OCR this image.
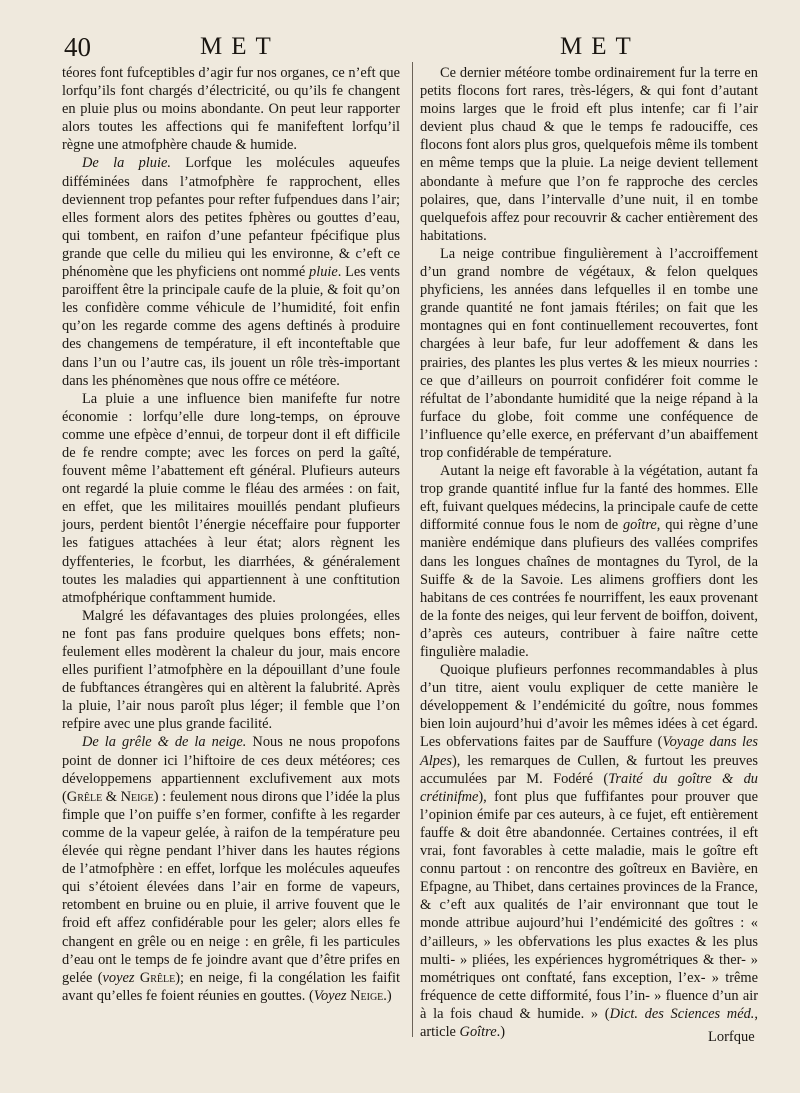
40	MET	MET

téores font fufceptibles d’agir fur nos organes, ce n’eft que lorfqu’ils font chargés d’électricité, ou qu’ils fe changent en pluie plus ou moins abondante. On peut leur rapporter alors toutes les affections qui fe manifeftent lorfqu’il règne une atmofphère chaude & humide.

De la pluie. Lorfque les molécules aqueufes difféminées dans l’atmofphère fe rapprochent, elles deviennent trop pefantes pour refter fufpendues dans l’air; elles forment alors des petites fphères ou gouttes d’eau, qui tombent, en raifon d’une pefanteur fpécifique plus grande que celle du milieu qui les environne, & c’eft ce phénomène que les phyficiens ont nommé pluie. Les vents paroiffent être la principale caufe de la pluie, & foit qu’on les confidère comme véhicule de l’humidité, foit enfin qu’on les regarde comme des agens deftinés à produire des changemens de température, il eft inconteftable que dans l’un ou l’autre cas, ils jouent un rôle très-important dans les phénomènes que nous offre ce météore.

La pluie a une influence bien manifefte fur notre économie : lorfqu’elle dure long-temps, on éprouve comme une efpèce d’ennui, de torpeur dont il eft difficile de fe rendre compte; avec les forces on perd la gaîté, fouvent même l’abattement eft général. Plufieurs auteurs ont regardé la pluie comme le fléau des armées : on fait, en effet, que les militaires mouillés pendant plufieurs jours, perdent bientôt l’énergie néceffaire pour fupporter les fatigues attachées à leur état; alors règnent les dyffenteries, le fcorbut, les diarrhées, & généralement toutes les maladies qui appartiennent à une conftitution atmofphérique conftamment humide.

Malgré les défavantages des pluies prolongées, elles ne font pas fans produire quelques bons effets; non-feulement elles modèrent la chaleur du jour, mais encore elles purifient l’atmofphère en la dépouillant d’une foule de fubftances étrangères qui en altèrent la falubrité. Après la pluie, l’air nous paroît plus léger; il femble que l’on refpire avec une plus grande facilité.

De la grêle & de la neige. Nous ne nous propofons point de donner ici l’hiftoire de ces deux météores; ces développemens appartiennent exclufivement aux mots (Grêle & Neige) : feulement nous dirons que l’idée la plus fimple que l’on puiffe s’en former, confifte à les regarder comme de la vapeur gelée, à raifon de la température peu élevée qui règne pendant l’hiver dans les hautes régions de l’atmofphère : en effet, lorfque les molécules aqueufes qui s’étoient élevées dans l’air en forme de vapeurs, retombent en bruine ou en pluie, il arrive fouvent que le froid eft affez confidérable pour les geler; alors elles fe changent en grêle ou en neige : en grêle, fi les particules d’eau ont le temps de fe joindre avant que d’être prifes en gelée (voyez Grêle); en neige, fi la congélation les faifit avant qu’elles fe foient réunies en gouttes. (Voyez Neige.)

Ce dernier météore tombe ordinairement fur la terre en petits flocons fort rares, très-légers, & qui font d’autant moins larges que le froid eft plus intenfe; car fi l’air devient plus chaud & que le temps fe radouciffe, ces flocons font alors plus gros, quelquefois même ils tombent en même temps que la pluie. La neige devient tellement abondante à mefure que l’on fe rapproche des cercles polaires, que, dans l’intervalle d’une nuit, il en tombe quelquefois affez pour recouvrir & cacher entièrement des habitations.

La neige contribue fingulièrement à l’accroiffement d’un grand nombre de végétaux, & felon quelques phyficiens, les années dans lefquelles il en tombe une grande quantité ne font jamais ftériles; on fait que les montagnes qui en font continuellement recouvertes, font chargées à leur bafe, fur leur adoffement & dans les prairies, des plantes les plus vertes & les mieux nourries : ce que d’ailleurs on pourroit confidérer foit comme le réfultat de l’abondante humidité que la neige répand à la furface du globe, foit comme une conféquence de l’influence qu’elle exerce, en préfervant d’un abaiffement trop confidérable de température.

Autant la neige eft favorable à la végétation, autant fa trop grande quantité influe fur la fanté des hommes. Elle eft, fuivant quelques médecins, la principale caufe de cette difformité connue fous le nom de goître, qui règne d’une manière endémique dans plufieurs des vallées comprifes dans les longues chaînes de montagnes du Tyrol, de la Suiffe & de la Savoie. Les alimens groffiers dont les habitans de ces contrées fe nourriffent, les eaux provenant de la fonte des neiges, qui leur fervent de boiffon, doivent, d’après ces auteurs, contribuer à faire naître cette fingulière maladie.

Quoique plufieurs perfonnes recommandables à plus d’un titre, aient voulu expliquer de cette manière le développement & l’endémicité du goître, nous fommes bien loin aujourd’hui d’avoir les mêmes idées à cet égard. Les obfervations faites par de Sauffure (Voyage dans les Alpes), les remarques de Cullen, & furtout les preuves accumulées par M. Fodéré (Traité du goître & du crétinifme), font plus que fuffifantes pour prouver que l’opinion émife par ces auteurs, à ce fujet, eft entièrement fauffe & doit être abandonnée. Certaines contrées, il eft vrai, font favorables à cette maladie, mais le goître eft connu partout : on rencontre des goîtreux en Bavière, en Efpagne, au Thibet, dans certaines provinces de la France, & c’eft aux qualités de l’air environnant que tout le monde attribue aujourd’hui l’endémicité des goîtres : « d’ailleurs, » les obfervations les plus exactes & les plus multi- » pliées, les expériences hygrométriques & ther- » mométriques ont conftaté, fans exception, l’ex- » trême fréquence de cette difformité, fous l’in- » fluence d’un air à la fois chaud & humide. » (Dict. des Sciences méd., article Goître.)	Lorfque
